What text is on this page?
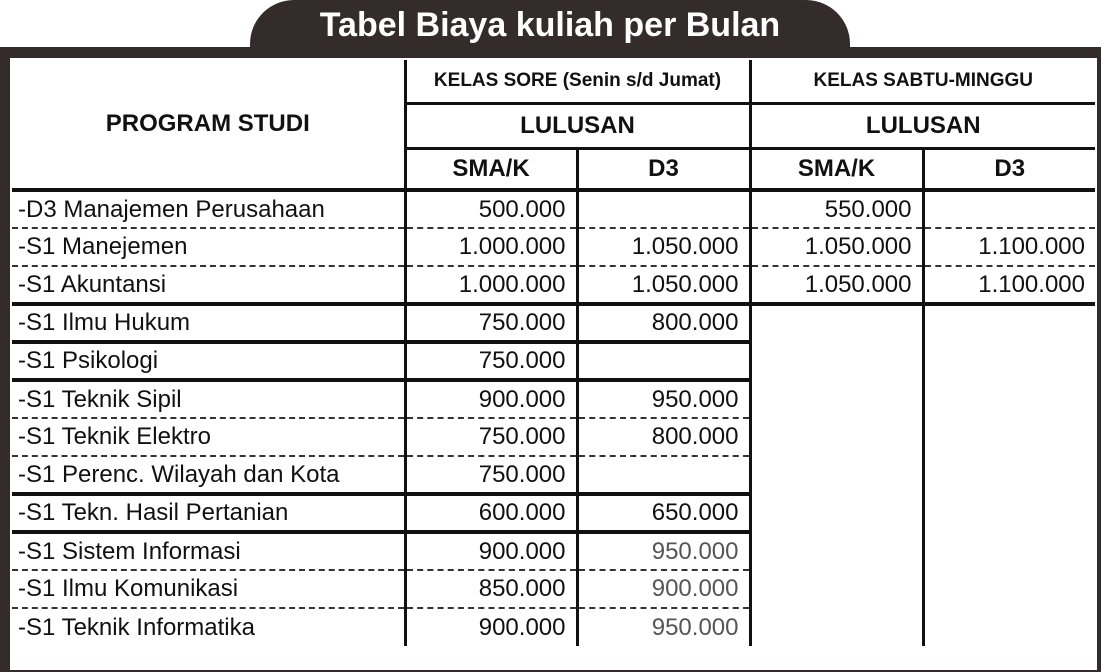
Tabel Biaya kuliah per Bulan
PROGRAM STUDI	KELAS SORE (Senin s/d Jumat)		KELAS SABTU-MINGGU	
	LULUSAN		LULUSAN	
	SMA/K	D3	SMA/K	D3
-D3 Manajemen Perusahaan	500.000		550.000	
-S1 Manejemen	1.000.000	1.050.000	1.050.000	1.100.000
-S1 Akuntansi	1.000.000	1.050.000	1.050.000	1.100.000
-S1 Ilmu Hukum	750.000	800.000		
-S1 Psikologi	750.000			
-S1 Teknik Sipil	900.000	950.000		
-S1 Teknik Elektro	750.000	800.000		
-S1 Perenc. Wilayah dan Kota	750.000			
-S1 Tekn. Hasil Pertanian	600.000	650.000		
-S1 Sistem Informasi	900.000	950.000		
-S1 Ilmu Komunikasi	850.000	900.000		
-S1 Teknik Informatika	900.000	950.000		
